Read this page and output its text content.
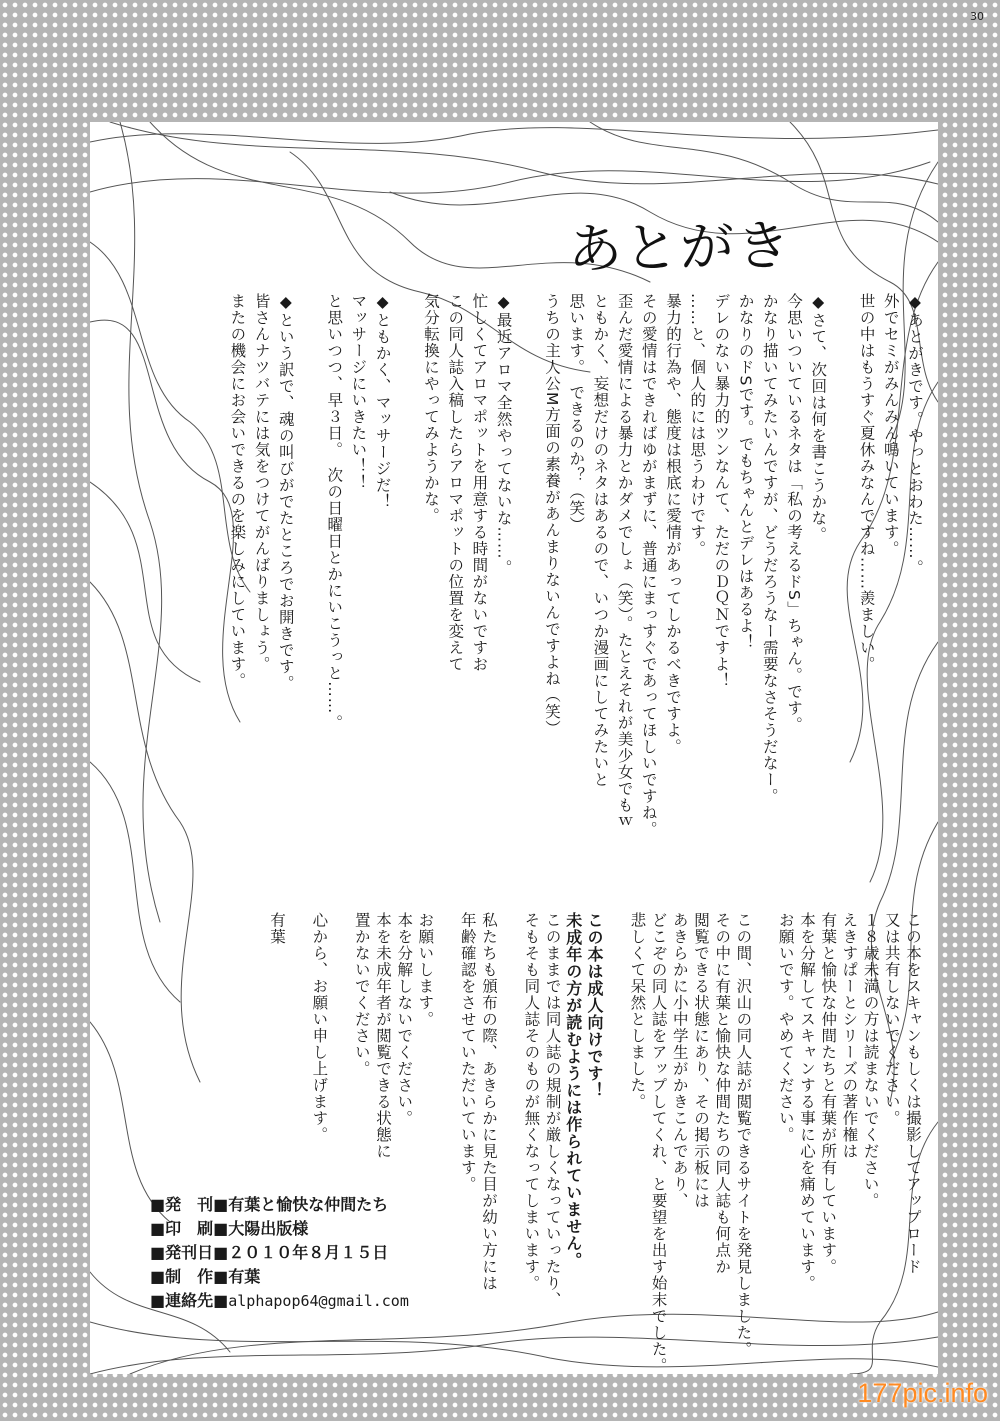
30
あとがき
◆あとがきです。やっとおわた……。
外でセミがみんみん鳴いています。
世の中はもうすぐ夏休みなんですね……羨ましい。
◆さて、次回は何を書こうかな。
今思いついているネタは「私の考えるドS」ちゃん。です。
かなり描いてみたいんですが、どうだろうなー需要なさそうだなー。
かなりのドSです。でもちゃんとデレはあるよ！
デレのない暴力的ツンなんて、ただのＤＱＮですよ！
……と、個人的には思うわけです。
暴力的行為や、態度は根底に愛情があってしかるべきですよ。
その愛情はできればゆがまずに、普通にまっすぐであってほしいですね。
歪んだ愛情による暴力とかダメでしょ（笑）。たとえそれが美少女でもｗ
ともかく、妄想だけのネタはあるので、いつか漫画にしてみたいと
思います。　できるのか？（笑）
うちの主人公M方面の素養があんまりないんですよね（笑）
◆最近アロマ全然やってないな……。
忙しくてアロマポットを用意する時間がないですお
この同人誌入稿したらアロマポットの位置を変えて
気分転換にやってみようかな。
◆ともかく、マッサージだ！
マッサージにいきたい！！
と思いつつ、早３日。　次の日曜日とかにいこうっと……。
◆という訳で、魂の叫びがでたところでお開きです。
皆さんナツバテには気をつけてがんばりましょう。
またの機会にお会いできるのを楽しみにしています。
この本をスキャンもしくは撮影してアップロード
又は共有しないでください。
１８歳未満の方は読まないでください。
えきすぱーとシリーズの著作権は
有葉と愉快な仲間たちと有葉が所有しています。
本を分解してスキャンする事に心を痛めています。
お願いです。やめてください。
この間、沢山の同人誌が閲覧できるサイトを発見しました。
その中に有葉と愉快な仲間たちの同人誌も何点か
閲覧できる状態にあり、その掲示板には
あきらかに小中学生がかきこんであり、
どこぞの同人誌をアップしてくれ、と要望を出す始末でした。
悲しくて呆然としました。
この本は成人向けです！
未成年の方が読むようには作られていません。
このままでは同人誌の規制が厳しくなっていったり、
そもそも同人誌そのものが無くなってしまいます。
私たちも頒布の際、あきらかに見た目が幼い方には
年齢確認をさせていただいています。
お願いします。
本を分解しないでください。
本を未成年者が閲覧できる状態に
置かないでください。
心から、お願い申し上げます。
有葉
■発　刊■有葉と愉快な仲間たち
■印　刷■大陽出版様
■発刊日■２０１０年８月１５日
■制　作■有葉
■連絡先■alphapop64@gmail.com
177pic.info
